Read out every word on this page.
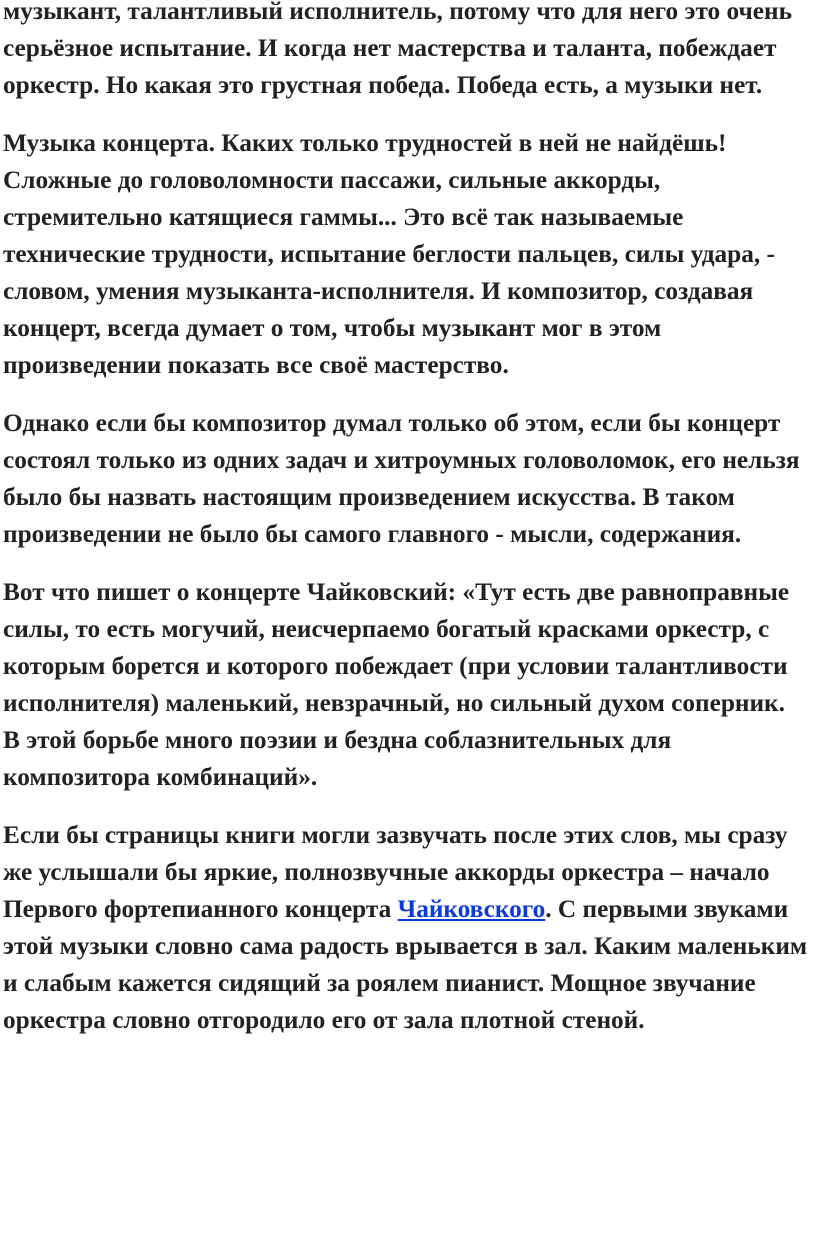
музыкант, талантливый исполнитель, потому что для него это очень серьёзное испытание. И когда нет мастерства и таланта, побеждает оркестр. Но какая это грустная победа. Победа есть, а музыки нет.

Музыка концерта. Каких только трудностей в ней не найдёшь! Сложные до головоломности пассажи, сильные аккорды, стремительно катящиеся гаммы... Это всё так называемые технические трудности, испытание беглости пальцев, силы удара, - словом, умения музыканта-исполнителя. И композитор, создавая концерт, всегда думает о том, чтобы музыкант мог в этом произведении показать все своё мастерство.

Однако если бы композитор думал только об этом, если бы концерт состоял только из одних задач и хитроумных головоломок, его нельзя было бы назвать настоящим произведением искусства. В таком произведении не было бы самого главного - мысли, содержания.

Вот что пишет о концерте Чайковский: «Тут есть две равноправные силы, то есть могучий, неисчерпаемо богатый красками оркестр, с которым борется и которого побеждает (при условии талантливости исполнителя) маленький, невзрачный, но сильный духом соперник. В этой борьбе много поэзии и бездна соблазнительных для композитора комбинаций».

Если бы страницы книги могли зазвучать после этих слов, мы сразу же услышали бы яркие, полнозвучные аккорды оркестра – начало Первого фортепианного концерта Чайковского. С первыми звуками этой музыки словно сама радость врывается в зал. Каким маленьким и слабым кажется сидящий за роялем пианист. Мощное звучание оркестра словно отгородило его от зала плотной стеной.
